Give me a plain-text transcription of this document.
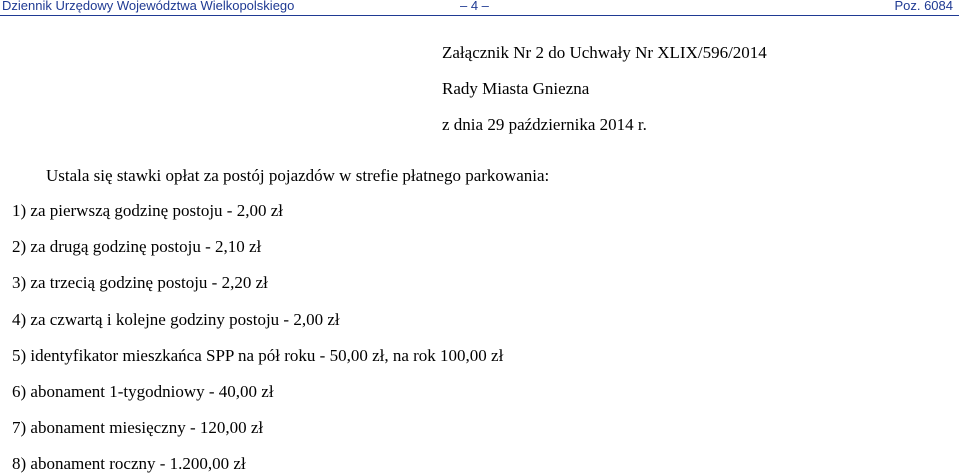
Dziennik Urzędowy Województwa Wielkopolskiego	– 4 –	Poz. 6084
Załącznik Nr 2 do Uchwały Nr XLIX/596/2014
Rady Miasta Gniezna
z dnia 29 października 2014 r.
Ustala się stawki opłat za postój pojazdów w strefie płatnego parkowania:
1) za pierwszą godzinę postoju - 2,00 zł
2) za drugą godzinę postoju - 2,10 zł
3) za trzecią godzinę postoju - 2,20 zł
4) za czwartą i kolejne godziny postoju - 2,00 zł
5) identyfikator mieszkańca SPP na pół roku - 50,00 zł, na rok 100,00 zł
6) abonament 1-tygodniowy - 40,00 zł
7) abonament miesięczny - 120,00 zł
8) abonament roczny - 1.200,00 zł
